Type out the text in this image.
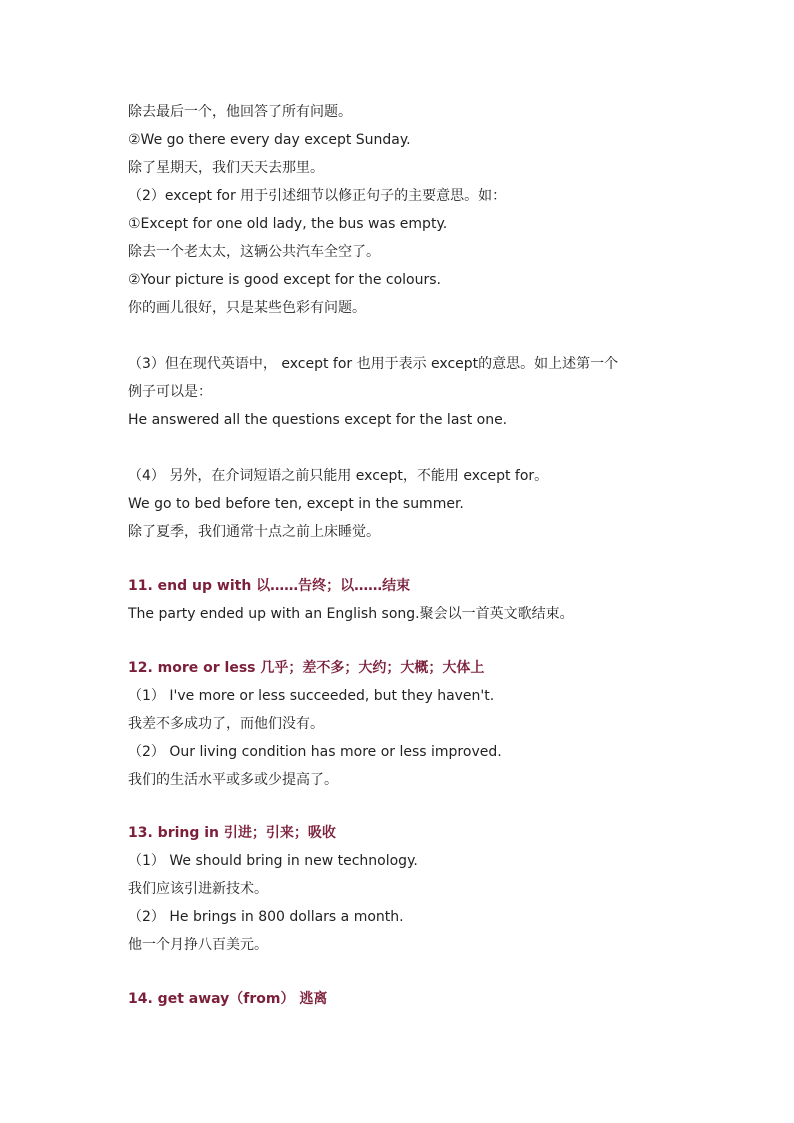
除去最后一个，他回答了所有问题。
②We go there every day except Sunday.
除了星期天，我们天天去那里。
（2）except for 用于引述细节以修正句子的主要意思。如：
①Except for one old lady, the bus was empty.
除去一个老太太，这辆公共汽车全空了。
②Your picture is good except for the colours.
你的画儿很好，只是某些色彩有问题。
（3）但在现代英语中， except for 也用于表示 except的意思。如上述第一个
例子可以是：
He answered all the questions except for the last one.
（4） 另外，在介词短语之前只能用 except，不能用 except for。
We go to bed before ten, except in the summer.
除了夏季，我们通常十点之前上床睡觉。
11. end up with 以……告终；以……结束
The party ended up with an English song.聚会以一首英文歌结束。
12. more or less 几乎；差不多；大约；大概；大体上
（1） I've more or less succeeded, but they haven't.
我差不多成功了，而他们没有。
（2） Our living condition has more or less improved.
我们的生活水平或多或少提高了。
13. bring in 引进；引来；吸收
（1） We should bring in new technology.
我们应该引进新技术。
（2） He brings in 800 dollars a month.
他一个月挣八百美元。
14. get away（from） 逃离
